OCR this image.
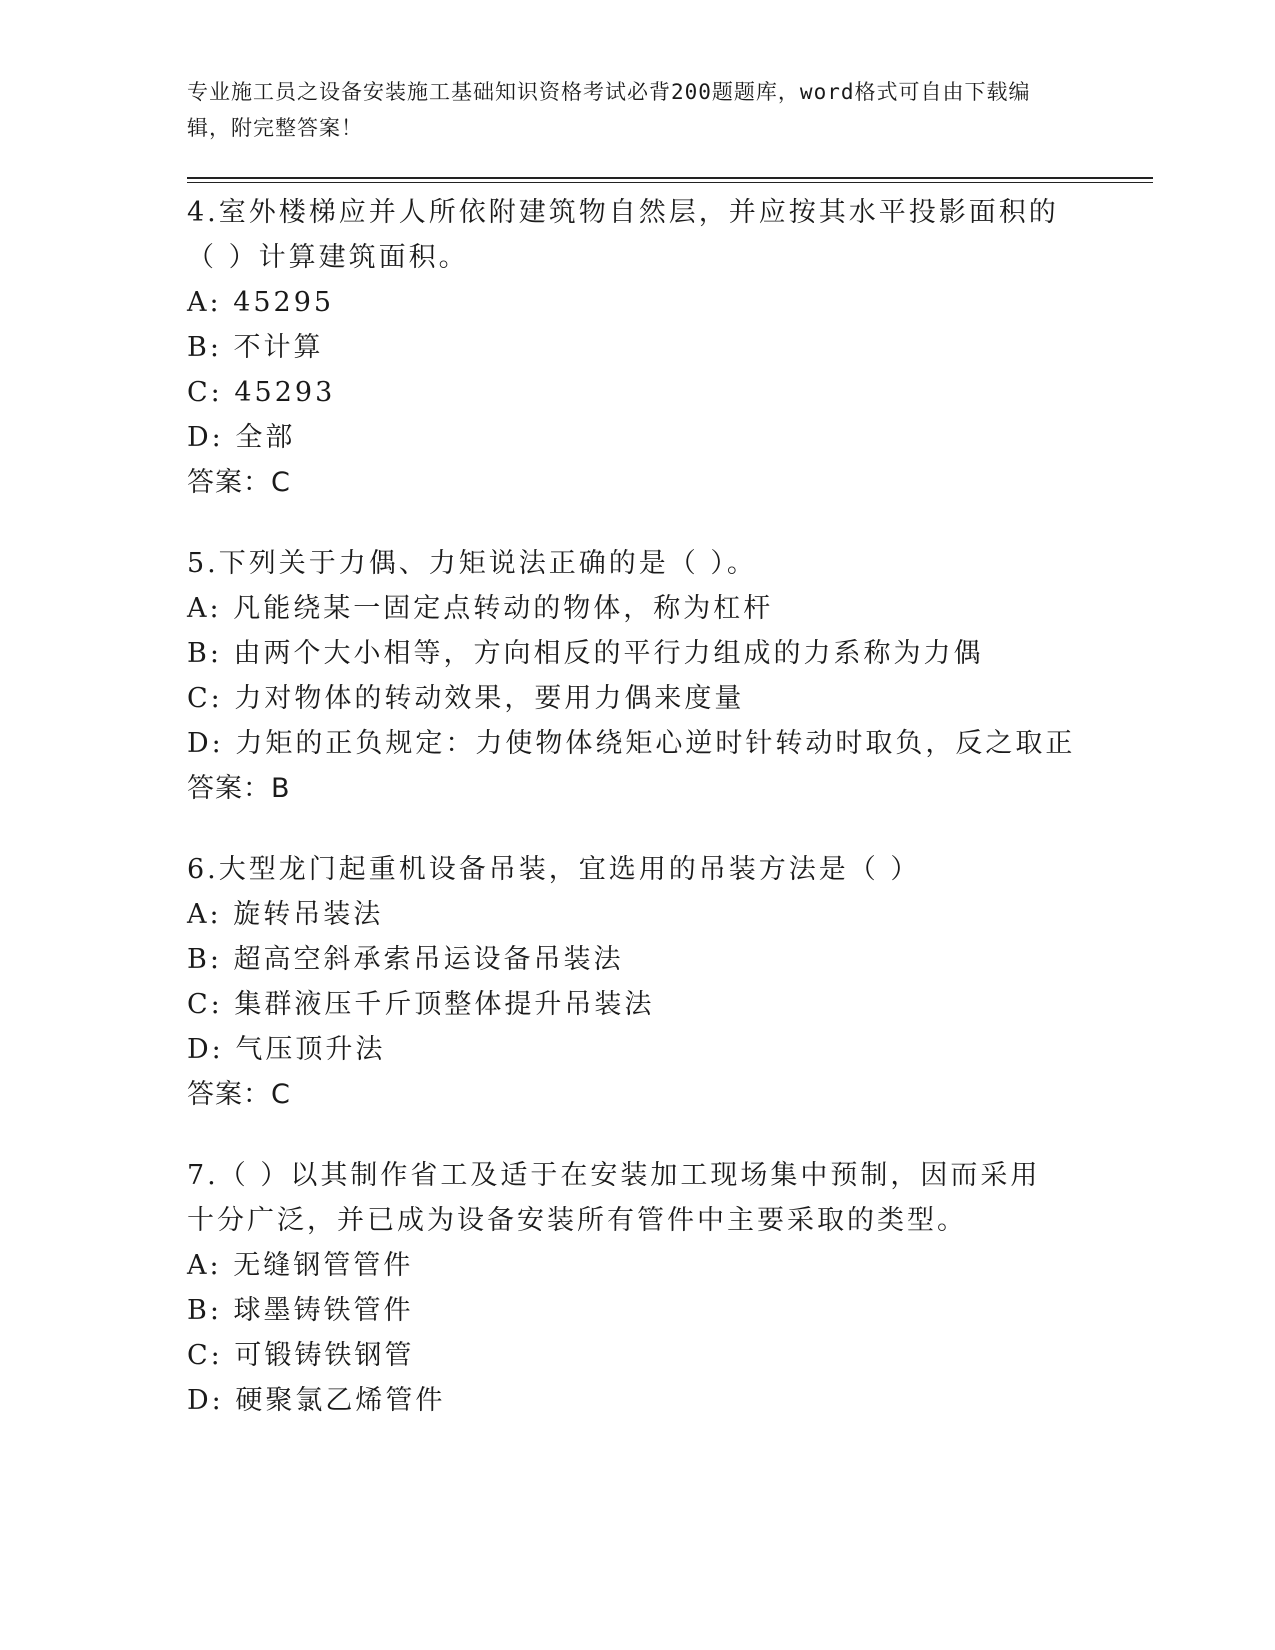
专业施工员之设备安装施工基础知识资格考试必背200题题库，word格式可自由下载编辑，附完整答案！

4.室外楼梯应并人所依附建筑物自然层，并应按其水平投影面积的（ ）计算建筑面积。

A: 45295

B: 不计算

C: 45293

D: 全部

答案：C

5.下列关于力偶、力矩说法正确的是（ ）。

A: 凡能绕某一固定点转动的物体，称为杠杆

B: 由两个大小相等，方向相反的平行力组成的力系称为力偶

C: 力对物体的转动效果，要用力偶来度量

D: 力矩的正负规定：力使物体绕矩心逆时针转动时取负，反之取正

答案：B

6.大型龙门起重机设备吊装，宜选用的吊装方法是（ ）

A: 旋转吊装法

B: 超高空斜承索吊运设备吊装法

C: 集群液压千斤顶整体提升吊装法

D: 气压顶升法

答案：C

7.（ ）以其制作省工及适于在安装加工现场集中预制，因而采用十分广泛，并已成为设备安装所有管件中主要采取的类型。

A: 无缝钢管管件

B: 球墨铸铁管件

C: 可锻铸铁钢管

D: 硬聚氯乙烯管件
